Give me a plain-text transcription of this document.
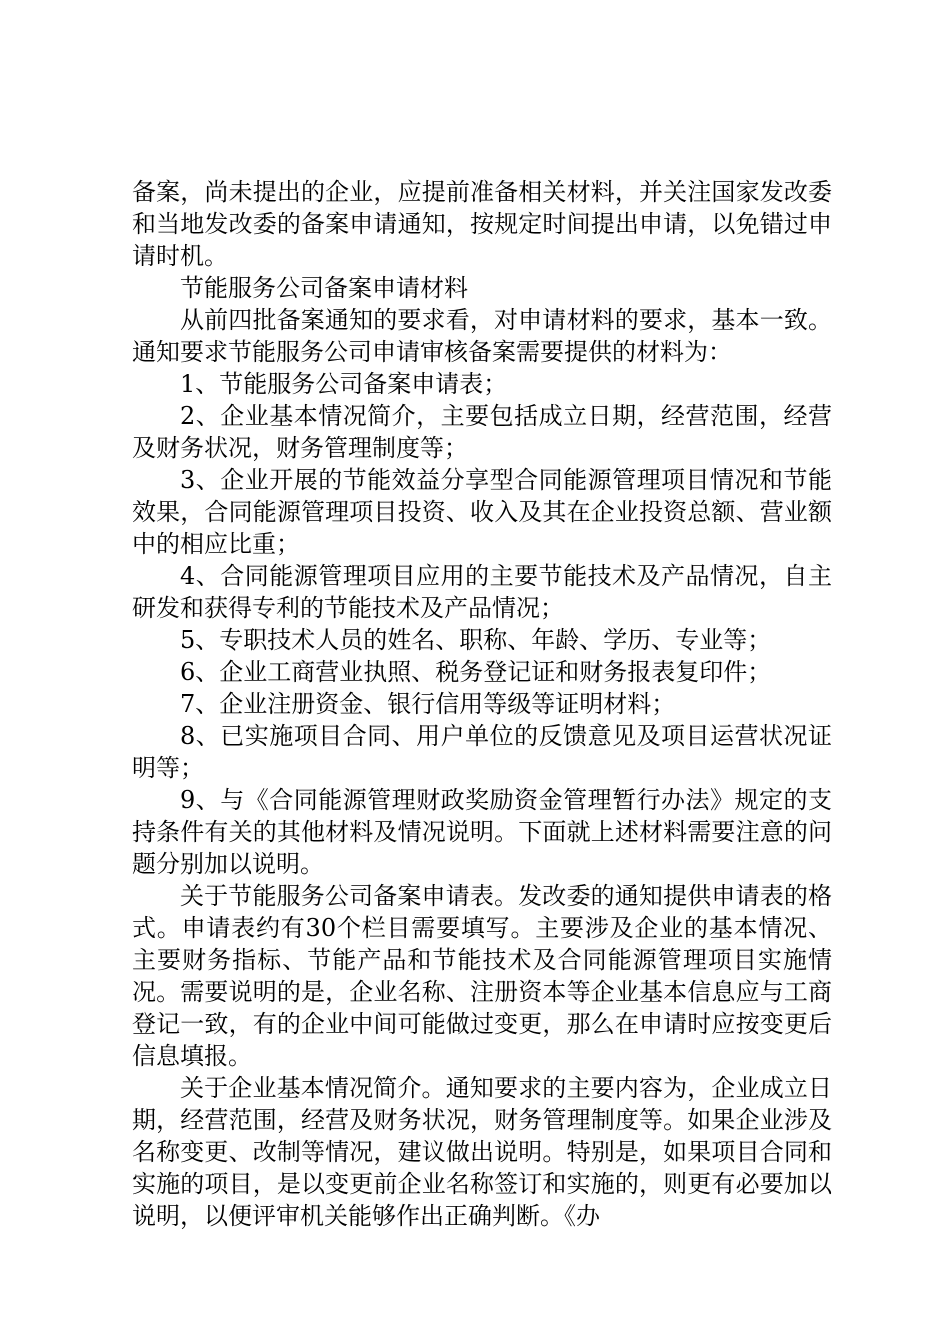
备案，尚未提出的企业，应提前准备相关材料，并关注国家发改委和当地发改委的备案申请通知，按规定时间提出申请，以免错过申请时机。

节能服务公司备案申请材料

从前四批备案通知的要求看，对申请材料的要求，基本一致。通知要求节能服务公司申请审核备案需要提供的材料为：

1、节能服务公司备案申请表；

2、企业基本情况简介，主要包括成立日期，经营范围，经营及财务状况，财务管理制度等；

3、企业开展的节能效益分享型合同能源管理项目情况和节能效果，合同能源管理项目投资、收入及其在企业投资总额、营业额中的相应比重；

4、合同能源管理项目应用的主要节能技术及产品情况，自主研发和获得专利的节能技术及产品情况；

5、专职技术人员的姓名、职称、年龄、学历、专业等；

6、企业工商营业执照、税务登记证和财务报表复印件；

7、企业注册资金、银行信用等级等证明材料；

8、已实施项目合同、用户单位的反馈意见及项目运营状况证明等；

9、与《合同能源管理财政奖励资金管理暂行办法》规定的支持条件有关的其他材料及情况说明。下面就上述材料需要注意的问题分别加以说明。

关于节能服务公司备案申请表。发改委的通知提供申请表的格式。申请表约有30个栏目需要填写。主要涉及企业的基本情况、主要财务指标、节能产品和节能技术及合同能源管理项目实施情况。需要说明的是，企业名称、注册资本等企业基本信息应与工商登记一致，有的企业中间可能做过变更，那么在申请时应按变更后信息填报。

关于企业基本情况简介。通知要求的主要内容为，企业成立日期，经营范围，经营及财务状况，财务管理制度等。如果企业涉及名称变更、改制等情况，建议做出说明。特别是，如果项目合同和实施的项目，是以变更前企业名称签订和实施的，则更有必要加以说明，以便评审机关能够作出正确判断。《办
